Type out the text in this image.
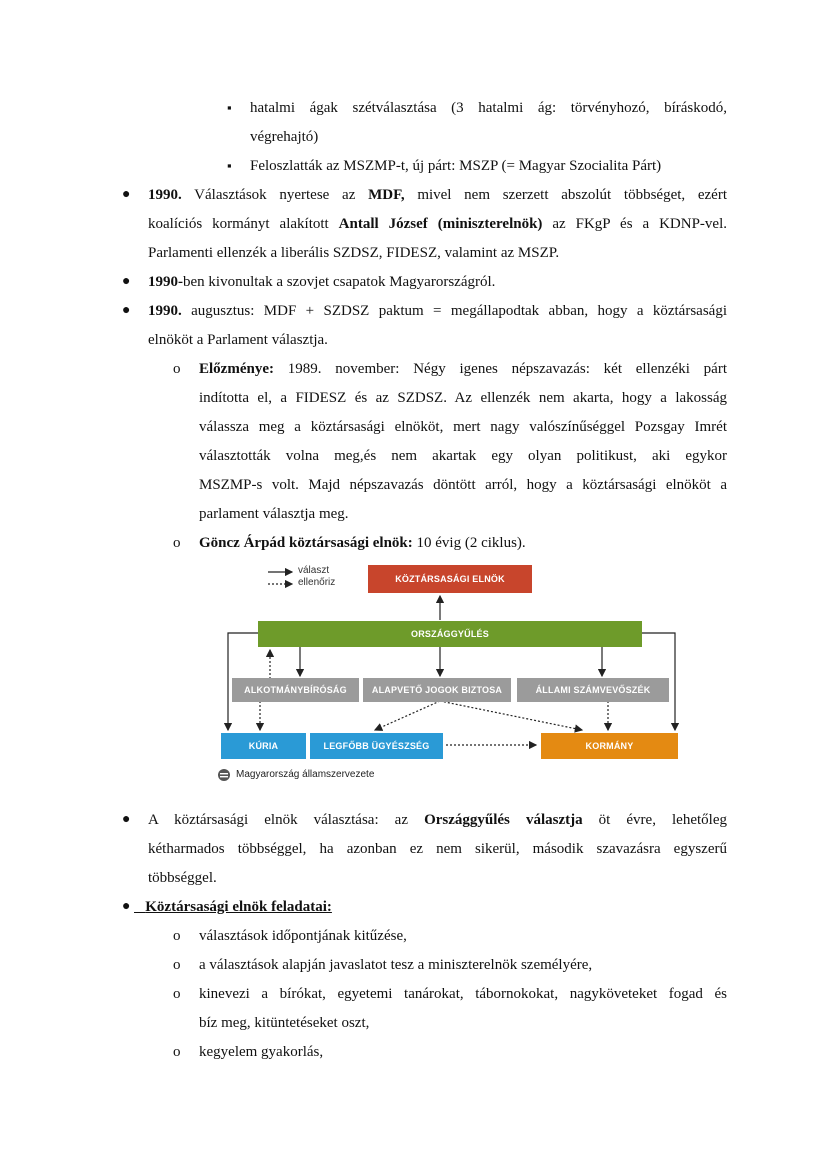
▪ hatalmi ágak szétválasztása (3 hatalmi ág: törvényhozó, bíráskodó,
végrehajtó)
▪ Feloszlatták az MSZMP-t, új párt: MSZP (= Magyar Szocialita Párt)
● 1990. Választások nyertese az MDF, mivel nem szerzett abszolút többséget, ezért
koalíciós kormányt alakított Antall József (miniszterelnök) az FKgP és a KDNP-vel.
Parlamenti ellenzék a liberális SZDSZ, FIDESZ, valamint az MSZP.
● 1990-ben kivonultak a szovjet csapatok Magyarországról.
● 1990. augusztus: MDF + SZDSZ paktum = megállapodtak abban, hogy a köztársasági
elnököt a Parlament választja.
o Előzménye: 1989. november: Négy igenes népszavazás: két ellenzéki párt
indította el, a FIDESZ és az SZDSZ. Az ellenzék nem akarta, hogy a lakosság
válassza meg a köztársasági elnököt, mert nagy valószínűséggel Pozsgay Imrét
választották volna meg,és nem akartak egy olyan politikust, aki egykor
MSZMP-s volt. Majd népszavazás döntött arról, hogy a köztársasági elnököt a
parlament választja meg.
o Göncz Árpád köztársasági elnök: 10 évig (2 ciklus).
választ
ellenőriz	KÖZTÁRSASÁGI ELNÖK
ORSZÁGGYŰLÉS
ALKOTMÁNYBÍRÓSÁG	ALAPVETŐ JOGOK BIZTOSA	ÁLLAMI SZÁMVEVŐSZÉK
KÚRIA	LEGFŐBB ÜGYÉSZSÉG	KORMÁNY
Magyarország államszervezete
● A köztársasági elnök választása: az Országgyűlés választja öt évre, lehetőleg
kétharmados többséggel, ha azonban ez nem sikerül, második szavazásra egyszerű
többséggel.
● Köztársasági elnök feladatai:
o választások időpontjának kitűzése,
o a választások alapján javaslatot tesz a miniszterelnök személyére,
o kinevezi a bírókat, egyetemi tanárokat, tábornokokat, nagyköveteket fogad és
bíz meg, kitüntetéseket oszt,
o kegyelem gyakorlás,
